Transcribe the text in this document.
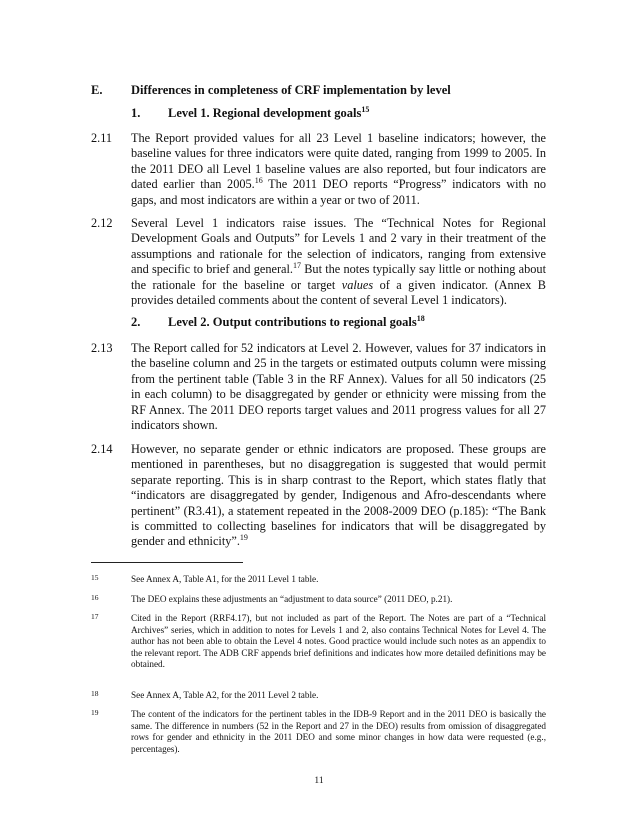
E. Differences in completeness of CRF implementation by level
1. Level 1. Regional development goals$^{15}$
2.11 The Report provided values for all 23 Level 1 baseline indicators; however, the baseline values for three indicators were quite dated, ranging from 1999 to 2005. In the 2011 DEO all Level 1 baseline values are also reported, but four indicators are dated earlier than 2005.16 The 2011 DEO reports “Progress” indicators with no gaps, and most indicators are within a year or two of 2011.
2.12 Several Level 1 indicators raise issues. The “Technical Notes for Regional Development Goals and Outputs” for Levels 1 and 2 vary in their treatment of the assumptions and rationale for the selection of indicators, ranging from extensive and specific to brief and general.$^{17}$ But the notes typically say little or nothing about the rationale for the baseline or target values of a given indicator. (Annex B provides detailed comments about the content of several Level 1 indicators).
2. Level 2. Output contributions to regional goals$^{18}$
2.13 The Report called for 52 indicators at Level 2. However, values for 37 indicators in the baseline column and 25 in the targets or estimated outputs column were missing from the pertinent table (Table 3 in the RF Annex). Values for all 50 indicators (25 in each column) to be disaggregated by gender or ethnicity were missing from the RF Annex. The 2011 DEO reports target values and 2011 progress values for all 27 indicators shown.
2.14 However, no separate gender or ethnic indicators are proposed. These groups are mentioned in parentheses, but no disaggregation is suggested that would permit separate reporting. This is in sharp contrast to the Report, which states flatly that “indicators are disaggregated by gender, Indigenous and Afro-descendants where pertinent” (R3.41), a statement repeated in the 2008-2009 DEO (p.185): “The Bank is committed to collecting baselines for indicators that will be disaggregated by gender and ethnicity”.$^{19}$
15	See Annex A, Table A1, for the 2011 Level 1 table.
16	The DEO explains these adjustments an “adjustment to data source” (2011 DEO, p.21).
17	Cited in the Report (RRF4.17), but not included as part of the Report. The Notes are part of a “Technical Archives” series, which in addition to notes for Levels 1 and 2, also contains Technical Notes for Level 4. The author has not been able to obtain the Level 4 notes. Good practice would include such notes as an appendix to the relevant report. The ADB CRF appends brief definitions and indicates how more detailed definitions may be obtained.
18	See Annex A, Table A2, for the 2011 Level 2 table.
19	The content of the indicators for the pertinent tables in the IDB-9 Report and in the 2011 DEO is basically the same. The difference in numbers (52 in the Report and 27 in the DEO) results from omission of disaggregated rows for gender and ethnicity in the 2011 DEO and some minor changes in how data were requested (e.g., percentages).
11
